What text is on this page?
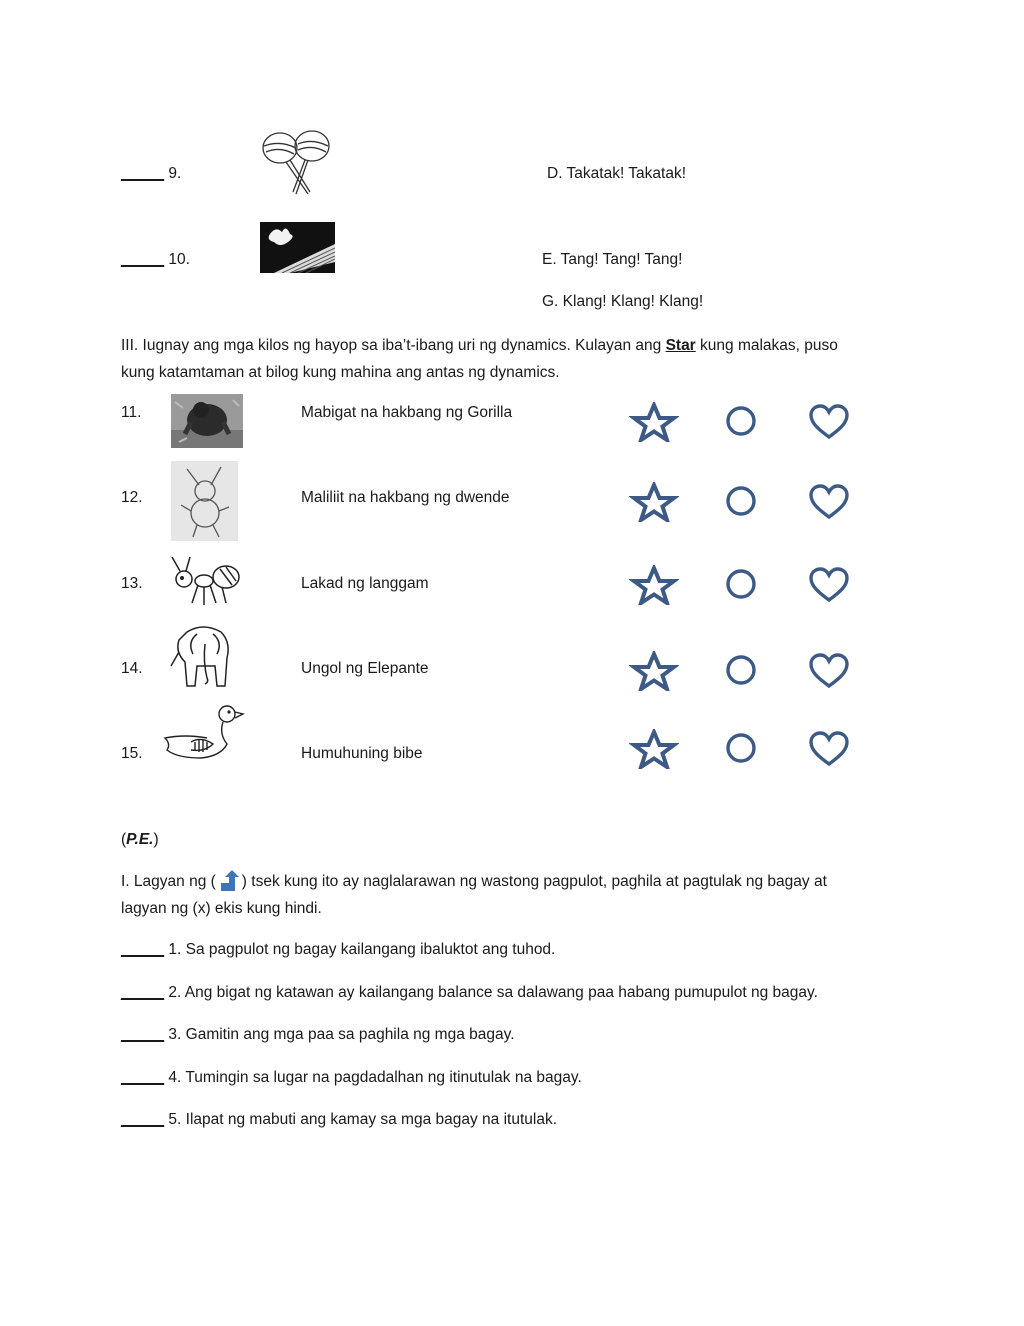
_____ 9.	D. Takatak! Takatak!
_____ 10.	E. Tang! Tang! Tang!
G. Klang! Klang! Klang!
III. Iugnay ang mga kilos ng hayop sa iba’t-ibang uri ng dynamics. Kulayan ang Star kung malakas, puso
kung katamtaman at bilog kung mahina ang antas ng dynamics.
11.	Mabigat na hakbang ng Gorilla
12.	Maliliit na hakbang ng dwende
13.	Lakad ng langgam
14.	Ungol ng Elepante
15.	Humuhuning bibe
(P.E.)
I. Lagyan ng ( ) tsek kung ito ay naglalarawan ng wastong pagpulot, paghila at pagtulak ng bagay at
lagyan ng (x) ekis kung hindi.
_____ 1. Sa pagpulot ng bagay kailangang ibaluktot ang tuhod.
_____ 2. Ang bigat ng katawan ay kailangang balance sa dalawang paa habang pumupulot ng bagay.
_____ 3. Gamitin ang mga paa sa paghila ng mga bagay.
_____ 4. Tumingin sa lugar na pagdadalhan ng itinutulak na bagay.
_____ 5. Ilapat ng mabuti ang kamay sa mga bagay na itutulak.
